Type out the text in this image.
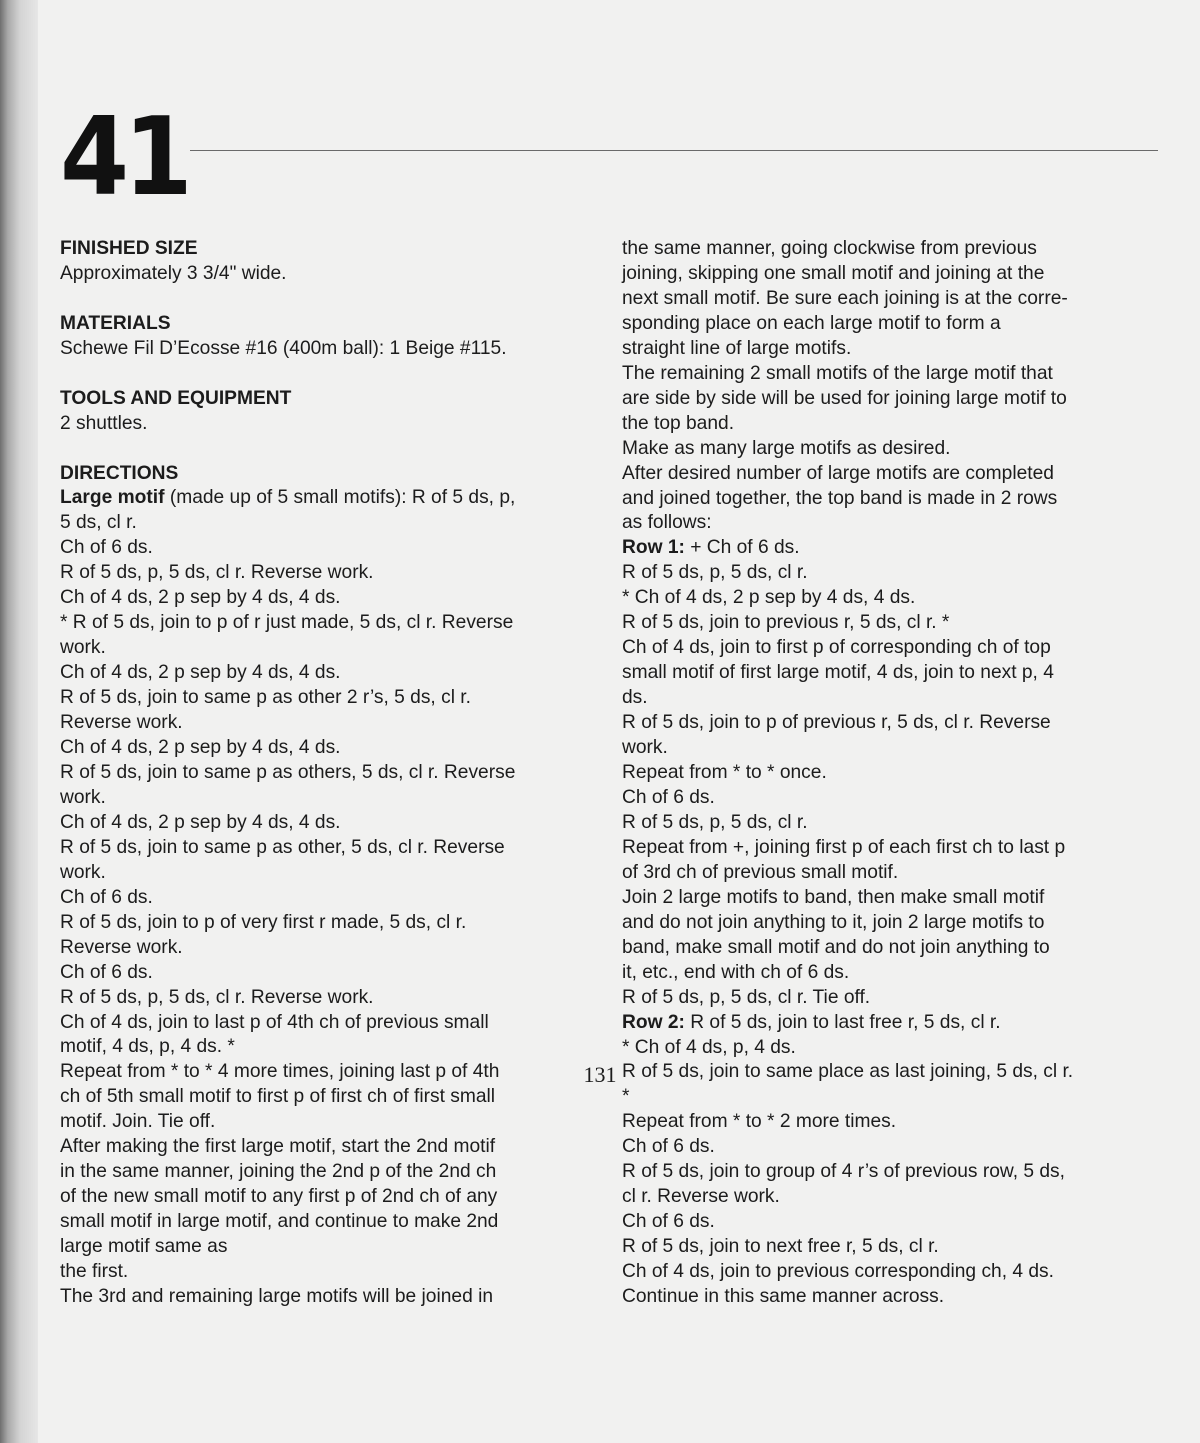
41
FINISHED SIZE
Approximately 3 3/4" wide.
MATERIALS
Schewe Fil D’Ecosse #16 (400m ball): 1 Beige #115.
TOOLS AND EQUIPMENT
2 shuttles.
DIRECTIONS
Large motif (made up of 5 small motifs): R of 5 ds, p,
5 ds, cl r.
Ch of 6 ds.
R of 5 ds, p, 5 ds, cl r. Reverse work.
Ch of 4 ds, 2 p sep by 4 ds, 4 ds.
* R of 5 ds, join to p of r just made, 5 ds, cl r. Reverse
work.
Ch of 4 ds, 2 p sep by 4 ds, 4 ds.
R of 5 ds, join to same p as other 2 r’s, 5 ds, cl r.
Reverse work.
Ch of 4 ds, 2 p sep by 4 ds, 4 ds.
R of 5 ds, join to same p as others, 5 ds, cl r. Reverse
work.
Ch of 4 ds, 2 p sep by 4 ds, 4 ds.
R of 5 ds, join to same p as other, 5 ds, cl r. Reverse
work.
Ch of 6 ds.
R of 5 ds, join to p of very first r made, 5 ds, cl r.
Reverse work.
Ch of 6 ds.
R of 5 ds, p, 5 ds, cl r. Reverse work.
Ch of 4 ds, join to last p of 4th ch of previous small
motif, 4 ds, p, 4 ds. *
Repeat from * to * 4 more times, joining last p of 4th
ch of 5th small motif to first p of first ch of first small
motif. Join. Tie off.
After making the first large motif, start the 2nd motif
in the same manner, joining the 2nd p of the 2nd ch
of the new small motif to any first p of 2nd ch of any
small motif in large motif, and continue to make 2nd
large motif same as
the first.
The 3rd and remaining large motifs will be joined in
the same manner, going clockwise from previous
joining, skipping one small motif and joining at the
next small motif. Be sure each joining is at the corre-
sponding place on each large motif to form a
straight line of large motifs.
The remaining 2 small motifs of the large motif that
are side by side will be used for joining large motif to
the top band.
Make as many large motifs as desired.
After desired number of large motifs are completed
and joined together, the top band is made in 2 rows
as follows:
Row 1: + Ch of 6 ds.
R of 5 ds, p, 5 ds, cl r.
* Ch of 4 ds, 2 p sep by 4 ds, 4 ds.
R of 5 ds, join to previous r, 5 ds, cl r. *
Ch of 4 ds, join to first p of corresponding ch of top
small motif of first large motif, 4 ds, join to next p, 4
ds.
R of 5 ds, join to p of previous r, 5 ds, cl r. Reverse
work.
Repeat from * to * once.
Ch of 6 ds.
R of 5 ds, p, 5 ds, cl r.
Repeat from +, joining first p of each first ch to last p
of 3rd ch of previous small motif.
Join 2 large motifs to band, then make small motif
and do not join anything to it, join 2 large motifs to
band, make small motif and do not join anything to
it, etc., end with ch of 6 ds.
R of 5 ds, p, 5 ds, cl r. Tie off.
Row 2: R of 5 ds, join to last free r, 5 ds, cl r.
* Ch of 4 ds, p, 4 ds.
R of 5 ds, join to same place as last joining, 5 ds, cl r.
*
Repeat from * to * 2 more times.
Ch of 6 ds.
R of 5 ds, join to group of 4 r’s of previous row, 5 ds,
cl r. Reverse work.
Ch of 6 ds.
R of 5 ds, join to next free r, 5 ds, cl r.
Ch of 4 ds, join to previous corresponding ch, 4 ds.
Continue in this same manner across.
131
